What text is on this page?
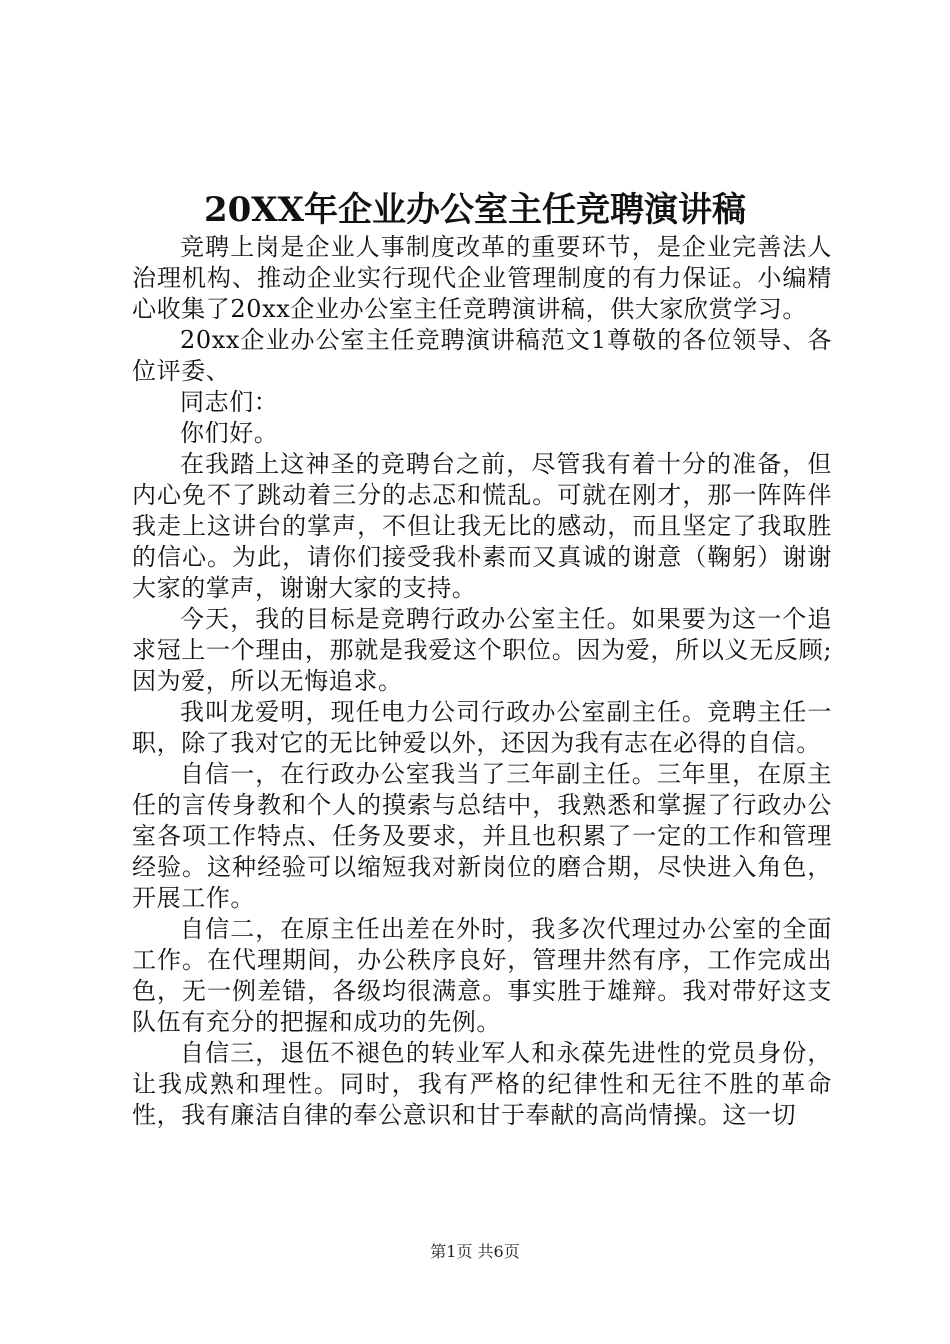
20XX年企业办公室主任竞聘演讲稿

竞聘上岗是企业人事制度改革的重要环节，是企业完善法人治理机构、推动企业实行现代企业管理制度的有力保证。小编精心收集了20xx企业办公室主任竞聘演讲稿，供大家欣赏学习。

20xx企业办公室主任竞聘演讲稿范文1尊敬的各位领导、各位评委、

同志们：

你们好。

在我踏上这神圣的竞聘台之前，尽管我有着十分的准备，但内心免不了跳动着三分的忐忑和慌乱。可就在刚才，那一阵阵伴我走上这讲台的掌声，不但让我无比的感动，而且坚定了我取胜的信心。为此，请你们接受我朴素而又真诚的谢意（鞠躬）谢谢大家的掌声，谢谢大家的支持。

今天，我的目标是竞聘行政办公室主任。如果要为这一个追求冠上一个理由，那就是我爱这个职位。因为爱，所以义无反顾;因为爱，所以无悔追求。

我叫龙爱明，现任电力公司行政办公室副主任。竞聘主任一职，除了我对它的无比钟爱以外，还因为我有志在必得的自信。

自信一，在行政办公室我当了三年副主任。三年里，在原主任的言传身教和个人的摸索与总结中，我熟悉和掌握了行政办公室各项工作特点、任务及要求，并且也积累了一定的工作和管理经验。这种经验可以缩短我对新岗位的磨合期，尽快进入角色，开展工作。

自信二，在原主任出差在外时，我多次代理过办公室的全面工作。在代理期间，办公秩序良好，管理井然有序，工作完成出色，无一例差错，各级均很满意。事实胜于雄辩。我对带好这支队伍有充分的把握和成功的先例。

自信三，退伍不褪色的转业军人和永葆先进性的党员身份，让我成熟和理性。同时，我有严格的纪律性和无往不胜的革命性，我有廉洁自律的奉公意识和甘于奉献的高尚情操。这一切

第1页 共6页
